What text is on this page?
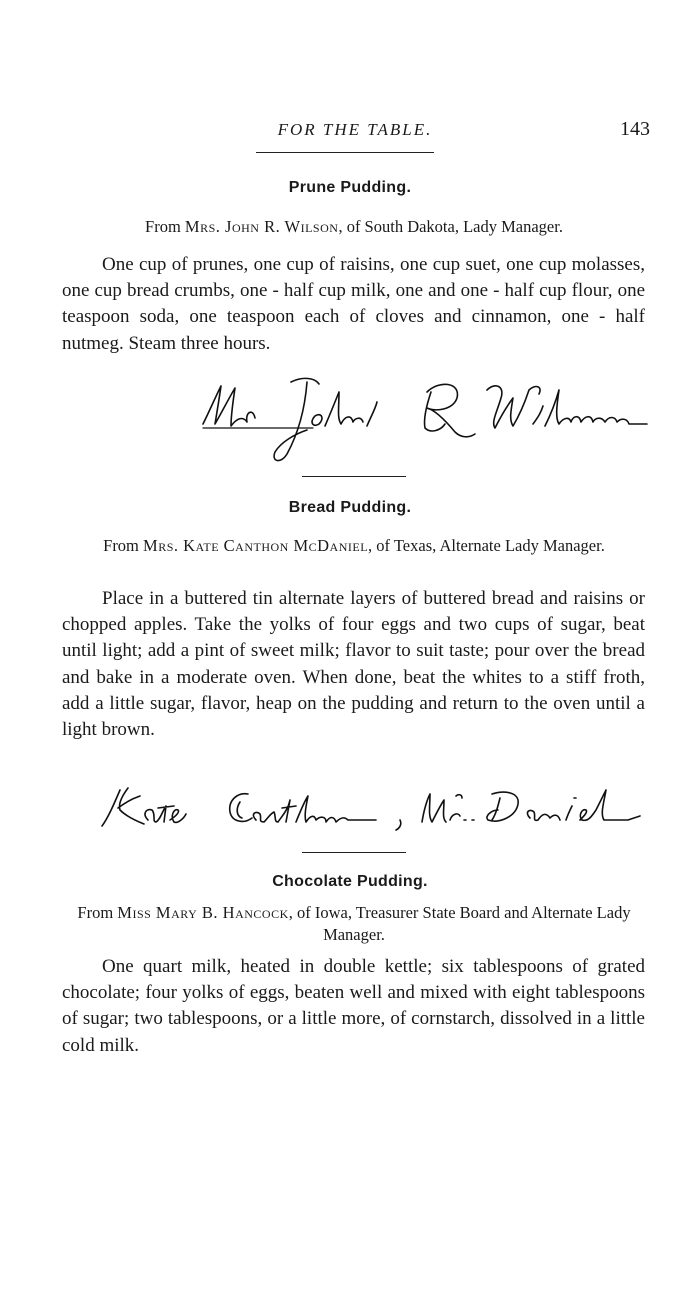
FOR THE TABLE.	143
Prune Pudding.
From Mrs. John R. Wilson, of South Dakota, Lady Manager.
One cup of prunes, one cup of raisins, one cup suet, one cup molasses, one cup bread crumbs, one - half cup milk, one and one - half cup flour, one teaspoon soda, one teaspoon each of cloves and cinnamon, one - half nutmeg. Steam three hours.
Bread Pudding.
From Mrs. Kate Canthon McDaniel, of Texas, Alternate Lady Manager.
Place in a buttered tin alternate layers of buttered bread and raisins or chopped apples. Take the yolks of four eggs and two cups of sugar, beat until light; add a pint of sweet milk; flavor to suit taste; pour over the bread and bake in a moderate oven. When done, beat the whites to a stiff froth, add a little sugar, flavor, heap on the pudding and return to the oven until a light brown.
Chocolate Pudding.
From Miss Mary B. Hancock, of Iowa, Treasurer State Board and Alternate Lady Manager.
One quart milk, heated in double kettle; six tablespoons of grated chocolate; four yolks of eggs, beaten well and mixed with eight tablespoons of sugar; two tablespoons, or a little more, of cornstarch, dissolved in a little cold milk.
